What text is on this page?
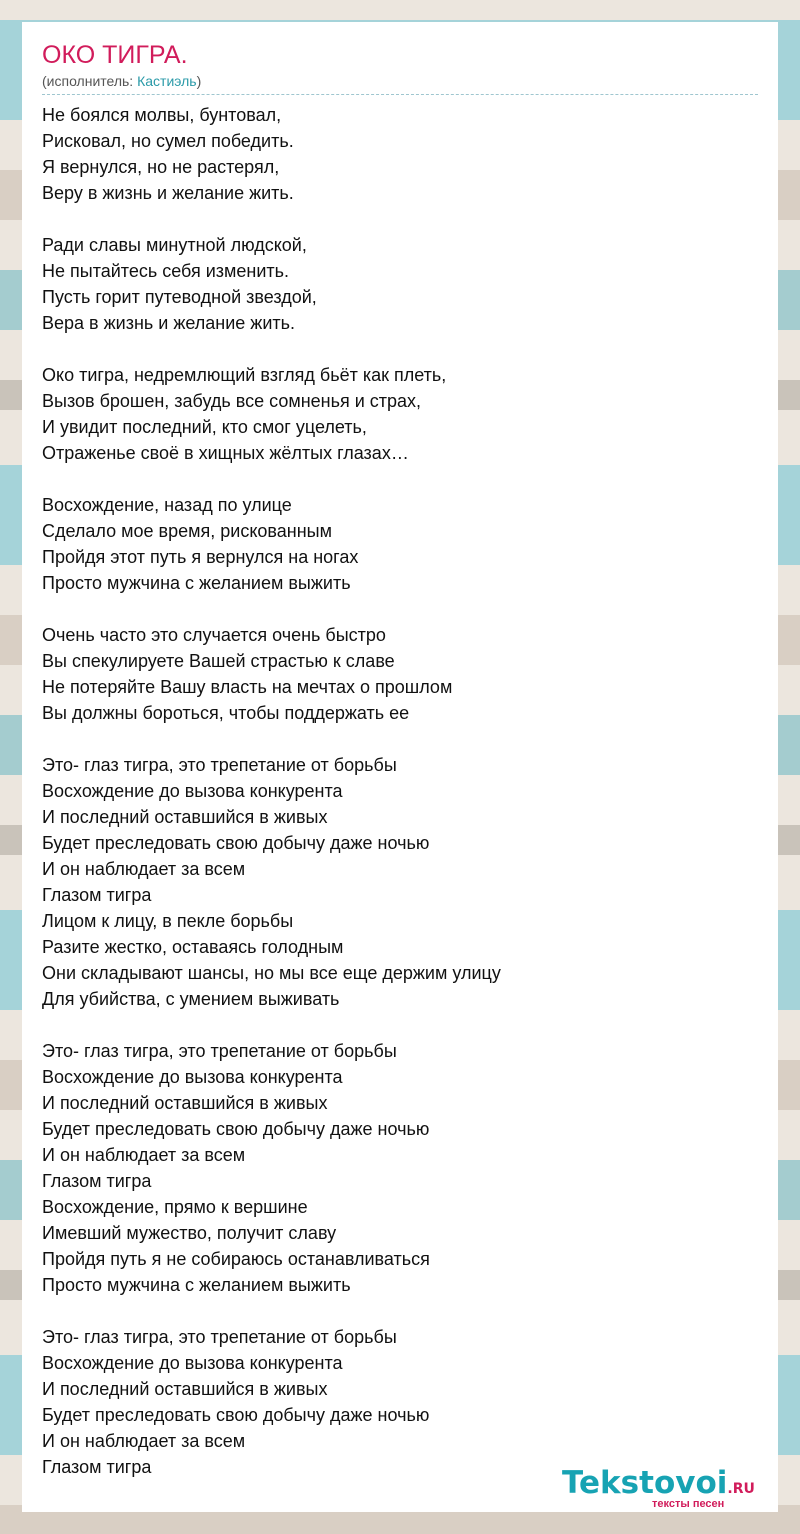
ОКО ТИГРА.
(исполнитель: Кастиэль)
Не боялся молвы, бунтовал,
Рисковал, но сумел победить.
Я вернулся, но не растерял,
Веру в жизнь и желание жить.
Ради славы минутной людской,
Не пытайтесь себя изменить.
Пусть горит путеводной звездой,
Вера в жизнь и желание жить.
Око тигра, недремлющий взгляд бьёт как плеть,
Вызов брошен, забудь все сомненья и страх,
И увидит последний, кто смог уцелеть,
Отраженье своё в хищных жёлтых глазах…
Восхождение, назад по улице
Сделало мое время, рискованным
Пройдя этот путь я вернулся на ногах
Просто мужчина с желанием выжить
Очень часто это случается очень быстро
Вы спекулируете Вашей страстью к славе
Не потеряйте Вашу власть на мечтах о прошлом
Вы должны бороться, чтобы поддержать ее
Это- глаз тигра, это трепетание от борьбы
Восхождение до вызова конкурента
И последний оставшийся в живых
Будет преследовать свою добычу даже ночью
И он наблюдает за всем
Глазом тигра
Лицом к лицу, в пекле борьбы
Разите жестко, оставаясь голодным
Они складывают шансы, но мы все еще держим улицу
Для убийства, с умением выживать
Это- глаз тигра, это трепетание от борьбы
Восхождение до вызова конкурента
И последний оставшийся в живых
Будет преследовать свою добычу даже ночью
И он наблюдает за всем
Глазом тигра
Восхождение, прямо к вершине
Имевший мужество, получит славу
Пройдя путь я не собираюсь останавливаться
Просто мужчина с желанием выжить
Это- глаз тигра, это трепетание от борьбы
Восхождение до вызова конкурента
И последний оставшийся в живых
Будет преследовать свою добычу даже ночью
И он наблюдает за всем
Глазом тигра	Tekstovoi.RU
тексты песен
